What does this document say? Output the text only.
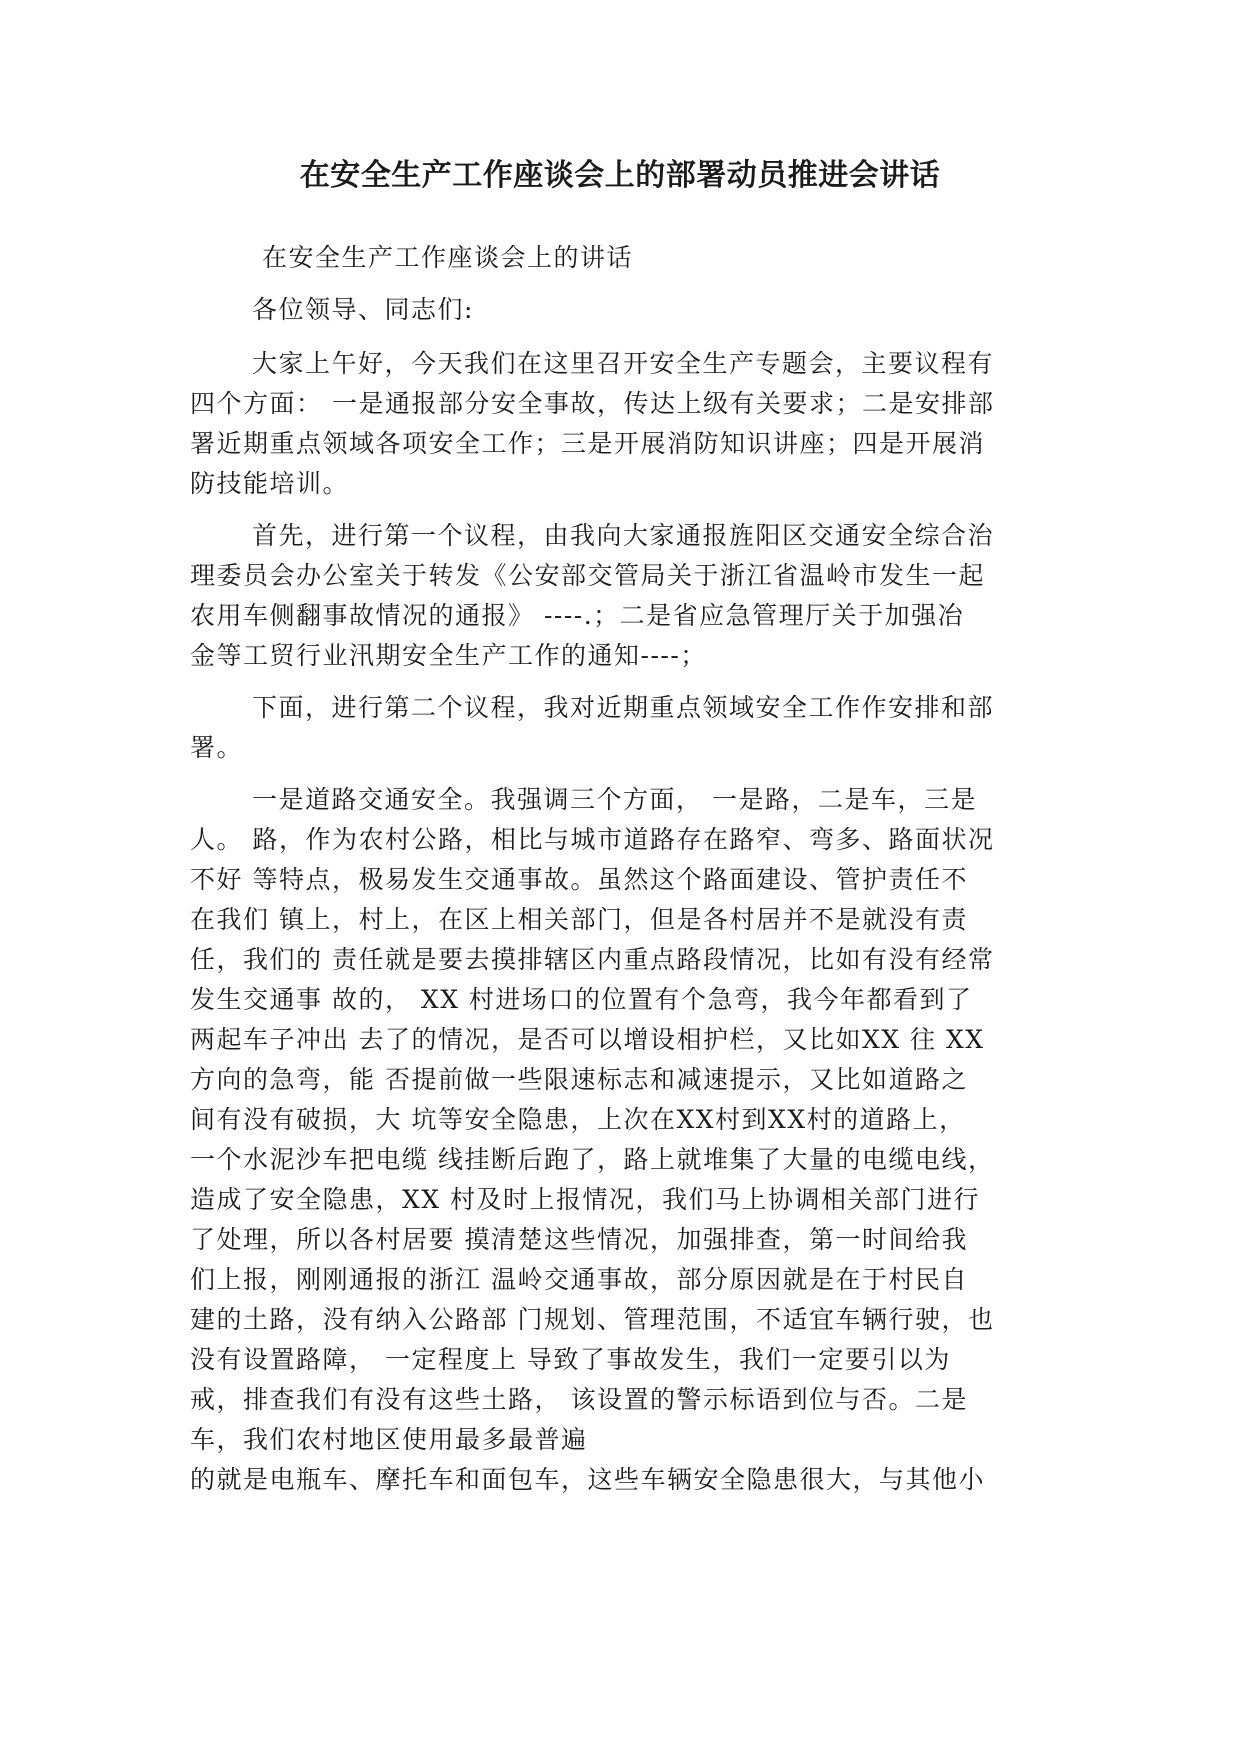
在安全生产工作座谈会上的部署动员推进会讲话

在安全生产工作座谈会上的讲话

各位领导、同志们:

大家上午好，今天我们在这里召开安全生产专题会，主要议程有
四个方面： 一是通报部分安全事故，传达上级有关要求；二是安排部
署近期重点领域各项安全工作；三是开展消防知识讲座；四是开展消
防技能培训。

首先，进行第一个议程，由我向大家通报旌阳区交通安全综合治
理委员会办公室关于转发《公安部交管局关于浙江省温岭市发生一起
农用车侧翻事故情况的通报》 ----.；二是省应急管理厅关于加强冶
金等工贸行业汛期安全生产工作的通知----；

下面，进行第二个议程，我对近期重点领域安全工作作安排和部
署。

一是道路交通安全。我强调三个方面， 一是路，二是车，三是
人。 路，作为农村公路，相比与城市道路存在路窄、弯多、路面状况
不好 等特点，极易发生交通事故。虽然这个路面建设、管护责任不
在我们 镇上，村上，在区上相关部门，但是各村居并不是就没有责
任，我们的 责任就是要去摸排辖区内重点路段情况，比如有没有经常
发生交通事 故的， XX 村进场口的位置有个急弯，我今年都看到了
两起车子冲出 去了的情况，是否可以增设相护栏，又比如XX 往 XX
方向的急弯，能 否提前做一些限速标志和减速提示，又比如道路之
间有没有破损，大 坑等安全隐患，上次在XX村到XX村的道路上，
一个水泥沙车把电缆 线挂断后跑了，路上就堆集了大量的电缆电线，
造成了安全隐患，XX 村及时上报情况，我们马上协调相关部门进行
了处理，所以各村居要 摸清楚这些情况，加强排查，第一时间给我
们上报，刚刚通报的浙江 温岭交通事故，部分原因就是在于村民自
建的土路，没有纳入公路部 门规划、管理范围，不适宜车辆行驶，也
没有设置路障， 一定程度上 导致了事故发生，我们一定要引以为
戒，排查我们有没有这些土路， 该设置的警示标语到位与否。二是
车，我们农村地区使用最多最普遍
的就是电瓶车、摩托车和面包车，这些车辆安全隐患很大，与其他小
